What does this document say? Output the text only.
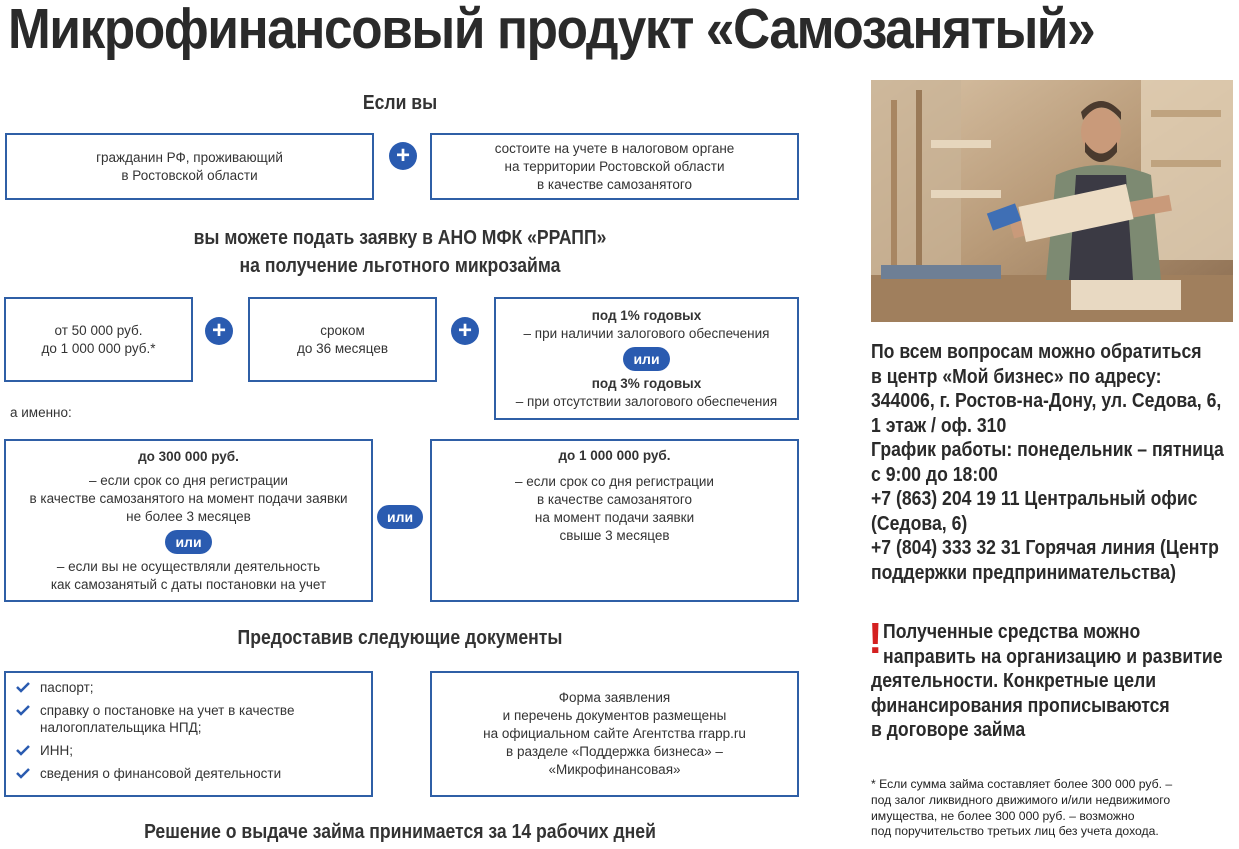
Микрофинансовый продукт «Самозанятый»
Если вы
гражданин РФ, проживающий
в Ростовской области
+	состоите на учете в налоговом органе
на территории Ростовской области
в качестве самозанятого
вы можете подать заявку в АНО МФК «РРАПП»
на получение льготного микрозайма
от 50 000 руб.
до 1 000 000 руб.*
+	сроком
до 36 месяцев
+
под 1% годовых
– при наличии залогового обеспечения
или
под 3% годовых
– при отсутствии залогового обеспечения
а именно:
до 300 000 руб.
– если срок со дня регистрации
в качестве самозанятого на момент подачи заявки
не более 3 месяцев
или
– если вы не осуществляли деятельность
как самозанятый с даты постановки на учет
или
до 1 000 000 руб.
– если срок со дня регистрации
в качестве самозанятого
на момент подачи заявки
свыше 3 месяцев
Предоставив следующие документы
паспорт;
справку о постановке на учет в качестве
налогоплательщика НПД;
ИНН;
сведения о финансовой деятельности
Форма заявления
и перечень документов размещены
на официальном сайте Агентства rrapp.ru
в разделе «Поддержка бизнеса» –
«Микрофинансовая»
Решение о выдаче займа принимается за 14 рабочих дней
По всем вопросам можно обратиться
в центр «Мой бизнес» по адресу:
344006, г. Ростов-на-Дону, ул. Седова, 6,
1 этаж / оф. 310
График работы: понедельник – пятница
с 9:00 до 18:00
+7 (863) 204 19 11 Центральный офис
(Седова, 6)
+7 (804) 333 32 31 Горячая линия (Центр
поддержки предпринимательства)
! Полученные средства можно
направить на организацию и развитие
деятельности. Конкретные цели
финансирования прописываются
в договоре займа
* Если сумма займа составляет более 300 000 руб. –
под залог ликвидного движимого и/или недвижимого
имущества, не более 300 000 руб. – возможно
под поручительство третьих лиц без учета дохода.
